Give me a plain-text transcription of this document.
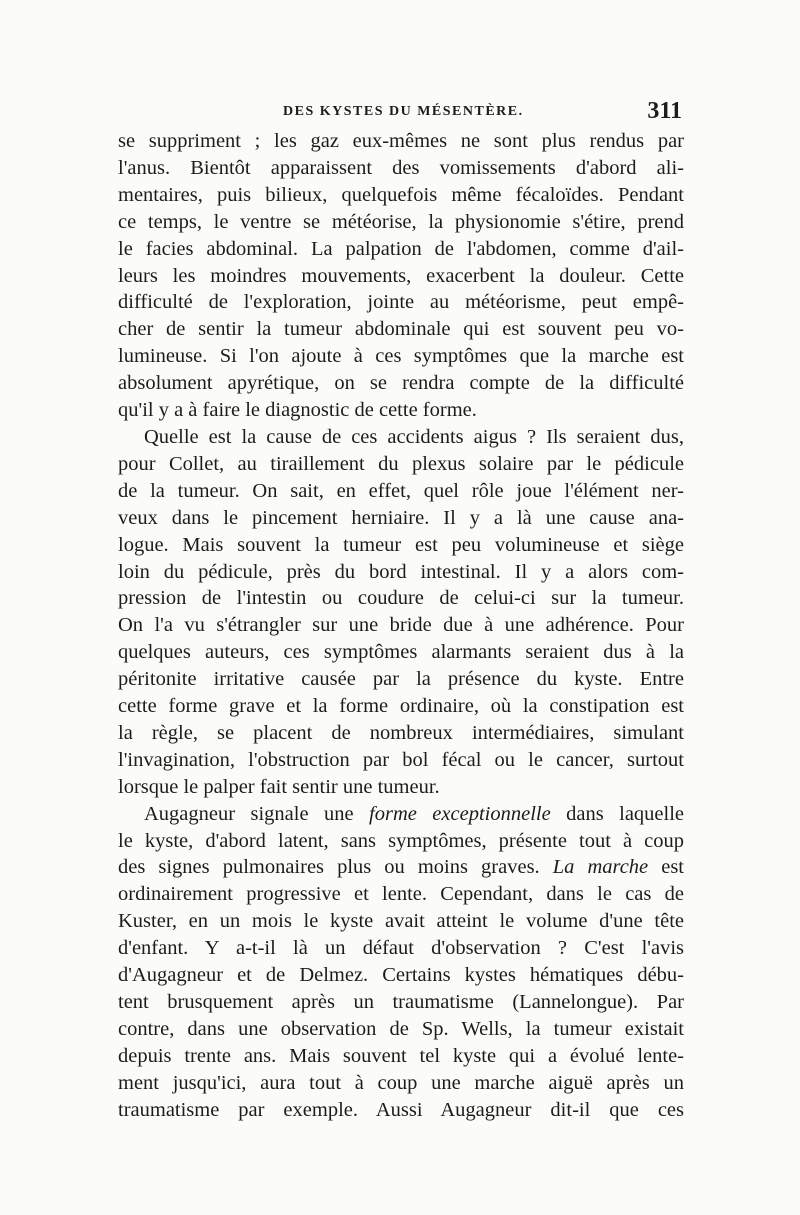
DES KYSTES DU MÉSENTÈRE.	311
se suppriment ; les gaz eux-mêmes ne sont plus rendus par
l'anus. Bientôt apparaissent des vomissements d'abord ali-
mentaires, puis bilieux, quelquefois même fécaloïdes. Pendant
ce temps, le ventre se météorise, la physionomie s'étire, prend
le facies abdominal. La palpation de l'abdomen, comme d'ail-
leurs les moindres mouvements, exacerbent la douleur. Cette
difficulté de l'exploration, jointe au météorisme, peut empê-
cher de sentir la tumeur abdominale qui est souvent peu vo-
lumineuse. Si l'on ajoute à ces symptômes que la marche est
absolument apyrétique, on se rendra compte de la difficulté
qu'il y a à faire le diagnostic de cette forme.
Quelle est la cause de ces accidents aigus ? Ils seraient dus,
pour Collet, au tiraillement du plexus solaire par le pédicule
de la tumeur. On sait, en effet, quel rôle joue l'élément ner-
veux dans le pincement herniaire. Il y a là une cause ana-
logue. Mais souvent la tumeur est peu volumineuse et siège
loin du pédicule, près du bord intestinal. Il y a alors com-
pression de l'intestin ou coudure de celui-ci sur la tumeur.
On l'a vu s'étrangler sur une bride due à une adhérence. Pour
quelques auteurs, ces symptômes alarmants seraient dus à la
péritonite irritative causée par la présence du kyste. Entre
cette forme grave et la forme ordinaire, où la constipation est
la règle, se placent de nombreux intermédiaires, simulant
l'invagination, l'obstruction par bol fécal ou le cancer, surtout
lorsque le palper fait sentir une tumeur.
Augagneur signale une forme exceptionnelle dans laquelle
le kyste, d'abord latent, sans symptômes, présente tout à coup
des signes pulmonaires plus ou moins graves. La marche est
ordinairement progressive et lente. Cependant, dans le cas de
Kuster, en un mois le kyste avait atteint le volume d'une tête
d'enfant. Y a-t-il là un défaut d'observation ? C'est l'avis
d'Augagneur et de Delmez. Certains kystes hématiques débu-
tent brusquement après un traumatisme (Lannelongue). Par
contre, dans une observation de Sp. Wells, la tumeur existait
depuis trente ans. Mais souvent tel kyste qui a évolué lente-
ment jusqu'ici, aura tout à coup une marche aiguë après un
traumatisme par exemple. Aussi Augagneur dit-il que ces
